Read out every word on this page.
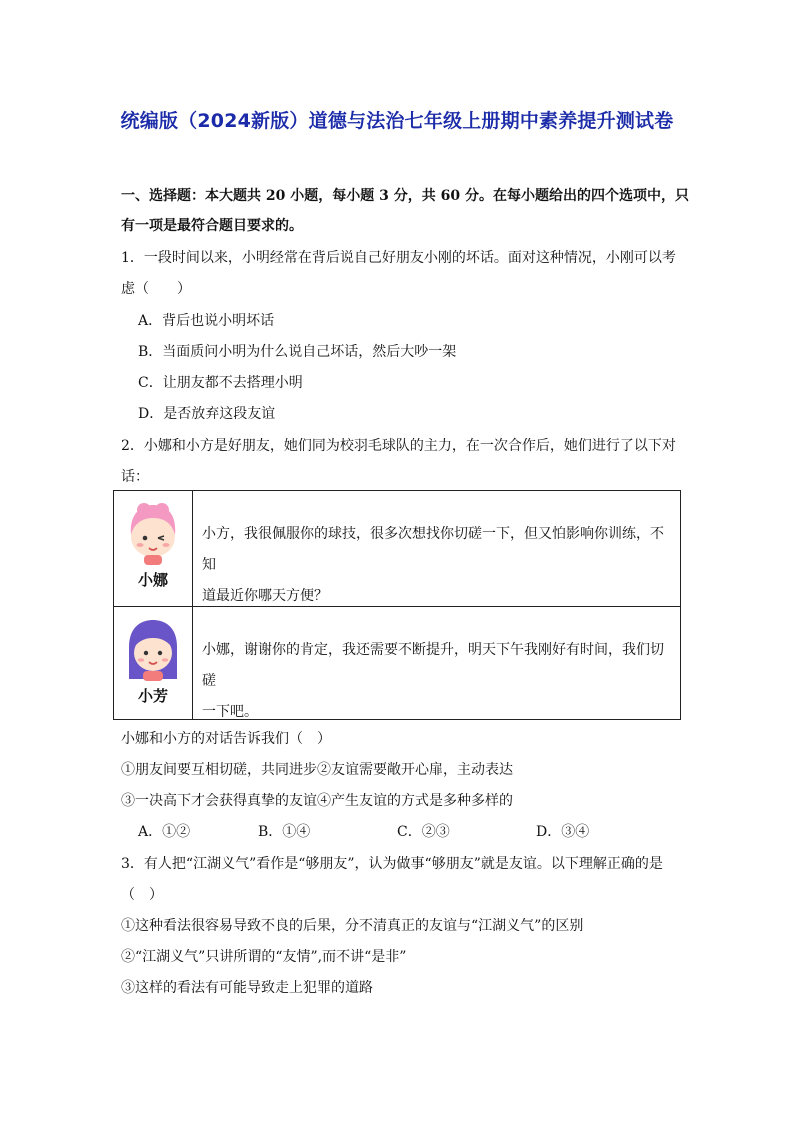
统编版（2024新版）道德与法治七年级上册期中素养提升测试卷
一、选择题：本大题共 20 小题，每小题 3 分，共 60 分。在每小题给出的四个选项中，只
有一项是最符合题目要求的。
1．一段时间以来，小明经常在背后说自己好朋友小刚的坏话。面对这种情况，小刚可以考
虑（　　）
A．背后也说小明坏话
B．当面质问小明为什么说自己坏话，然后大吵一架
C．让朋友都不去搭理小明
D．是否放弃这段友谊
2．小娜和小方是好朋友，她们同为校羽毛球队的主力，在一次合作后，她们进行了以下对
话：
小娜
小方，我很佩服你的球技，很多次想找你切磋一下，但又怕影响你训练，不知
道最近你哪天方便？
小芳
小娜，谢谢你的肯定，我还需要不断提升，明天下午我刚好有时间，我们切磋
一下吧。
小娜和小方的对话告诉我们（　）
①朋友间要互相切磋，共同进步②友谊需要敞开心扉，主动表达
③一决高下才会获得真挚的友谊④产生友谊的方式是多种多样的
A．①②	B．①④	C．②③	D．③④
3．有人把“江湖义气”看作是“够朋友”，认为做事“够朋友”就是友谊。以下理解正确的是
（　）
①这种看法很容易导致不良的后果，分不清真正的友谊与“江湖义气”的区别
②“江湖义气”只讲所谓的“友情”,而不讲“是非”
③这样的看法有可能导致走上犯罪的道路
